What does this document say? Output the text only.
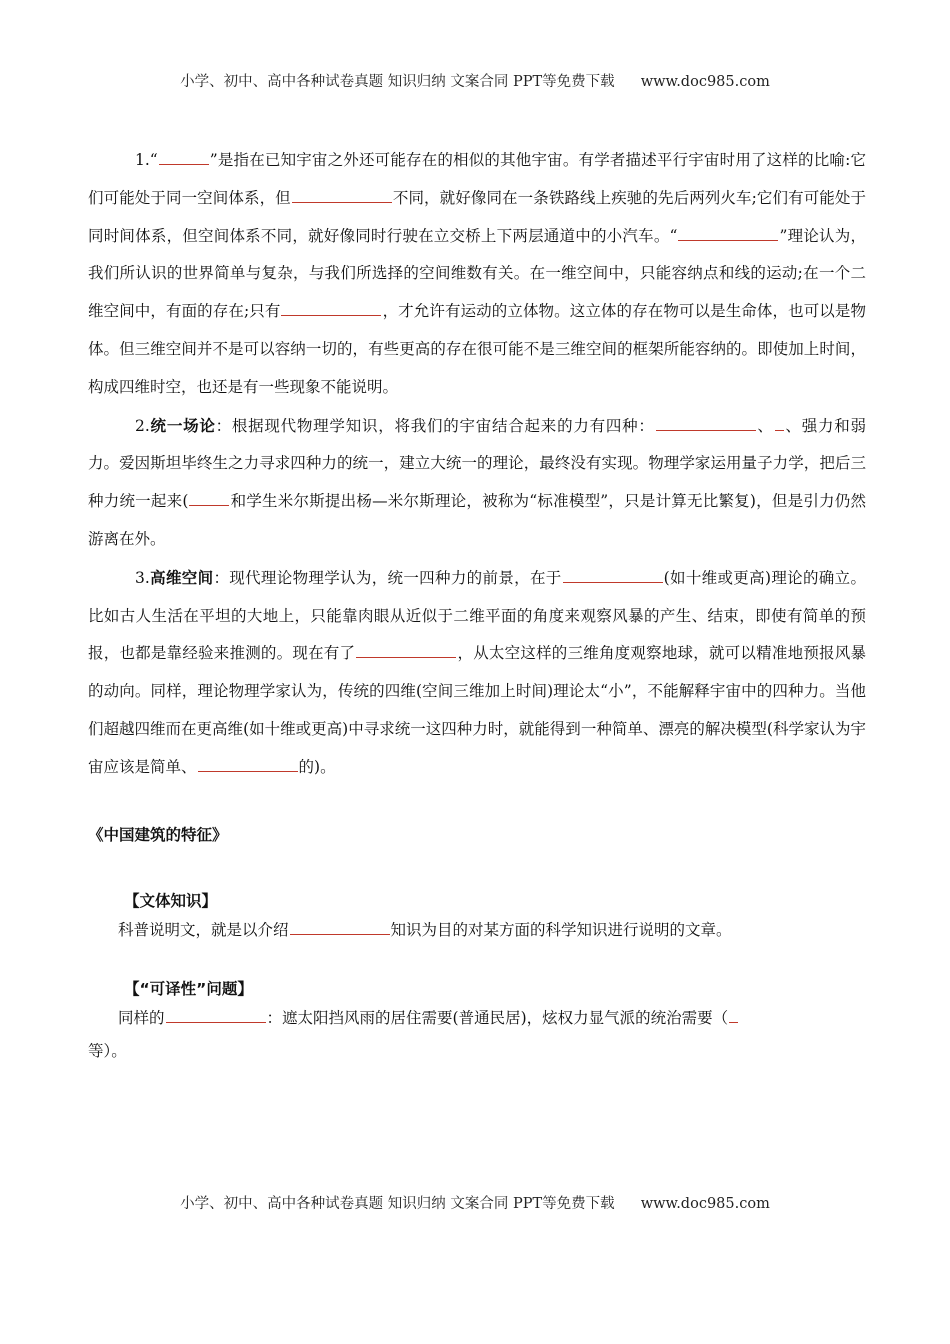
小学、初中、高中各种试卷真题 知识归纳 文案合同 PPT等免费下载 www.doc985.com

1.“	”是指在已知宇宙之外还可能存在的相似的其他宇宙。有学者描述平行宇宙时用了这样的比喻:它们可能处于同一空间体系，但	不同，就好像同在一条铁路线上疾驰的先后两列火车;它们有可能处于同时间体系，但空间体系不同，就好像同时行驶在立交桥上下两层通道中的小汽车。“	”理论认为，我们所认识的世界简单与复杂，与我们所选择的空间维数有关。在一维空间中，只能容纳点和线的运动;在一个二维空间中，有面的存在;只有	，才允许有运动的立体物。这立体的存在物可以是生命体，也可以是物体。但三维空间并不是可以容纳一切的，有些更高的存在很可能不是三维空间的框架所能容纳的。即使加上时间，构成四维时空，也还是有一些现象不能说明。

2.统一场论：根据现代物理学知识，将我们的宇宙结合起来的力有四种：	、 、强力和弱力。爱因斯坦毕终生之力寻求四种力的统一，建立大统一的理论，最终没有实现。物理学家运用量子力学，把后三种力统一起来(	和学生米尔斯提出杨—米尔斯理论，被称为“标准模型”，只是计算无比繁复)，但是引力仍然游离在外。

3.高维空间：现代理论物理学认为，统一四种力的前景，在于	(如十维或更高)理论的确立。比如古人生活在平坦的大地上，只能靠肉眼从近似于二维平面的角度来观察风暴的产生、结束，即使有简单的预报，也都是靠经验来推测的。现在有了	，从太空这样的三维角度观察地球，就可以精准地预报风暴的动向。同样，理论物理学家认为，传统的四维(空间三维加上时间)理论太“小”，不能解释宇宙中的四种力。当他们超越四维而在更高维(如十维或更高)中寻求统一这四种力时，就能得到一种简单、漂亮的解决模型(科学家认为宇宙应该是简单、	的)。

《中国建筑的特征》
【文体知识】
科普说明文，就是以介绍	知识为目的对某方面的科学知识进行说明的文章。
【“可译性”问题】
同样的	：遮太阳挡风雨的居住需要(普通民居)，炫权力显气派的统治需要（
等）。
小学、初中、高中各种试卷真题 知识归纳 文案合同 PPT等免费下载 www.doc985.com
